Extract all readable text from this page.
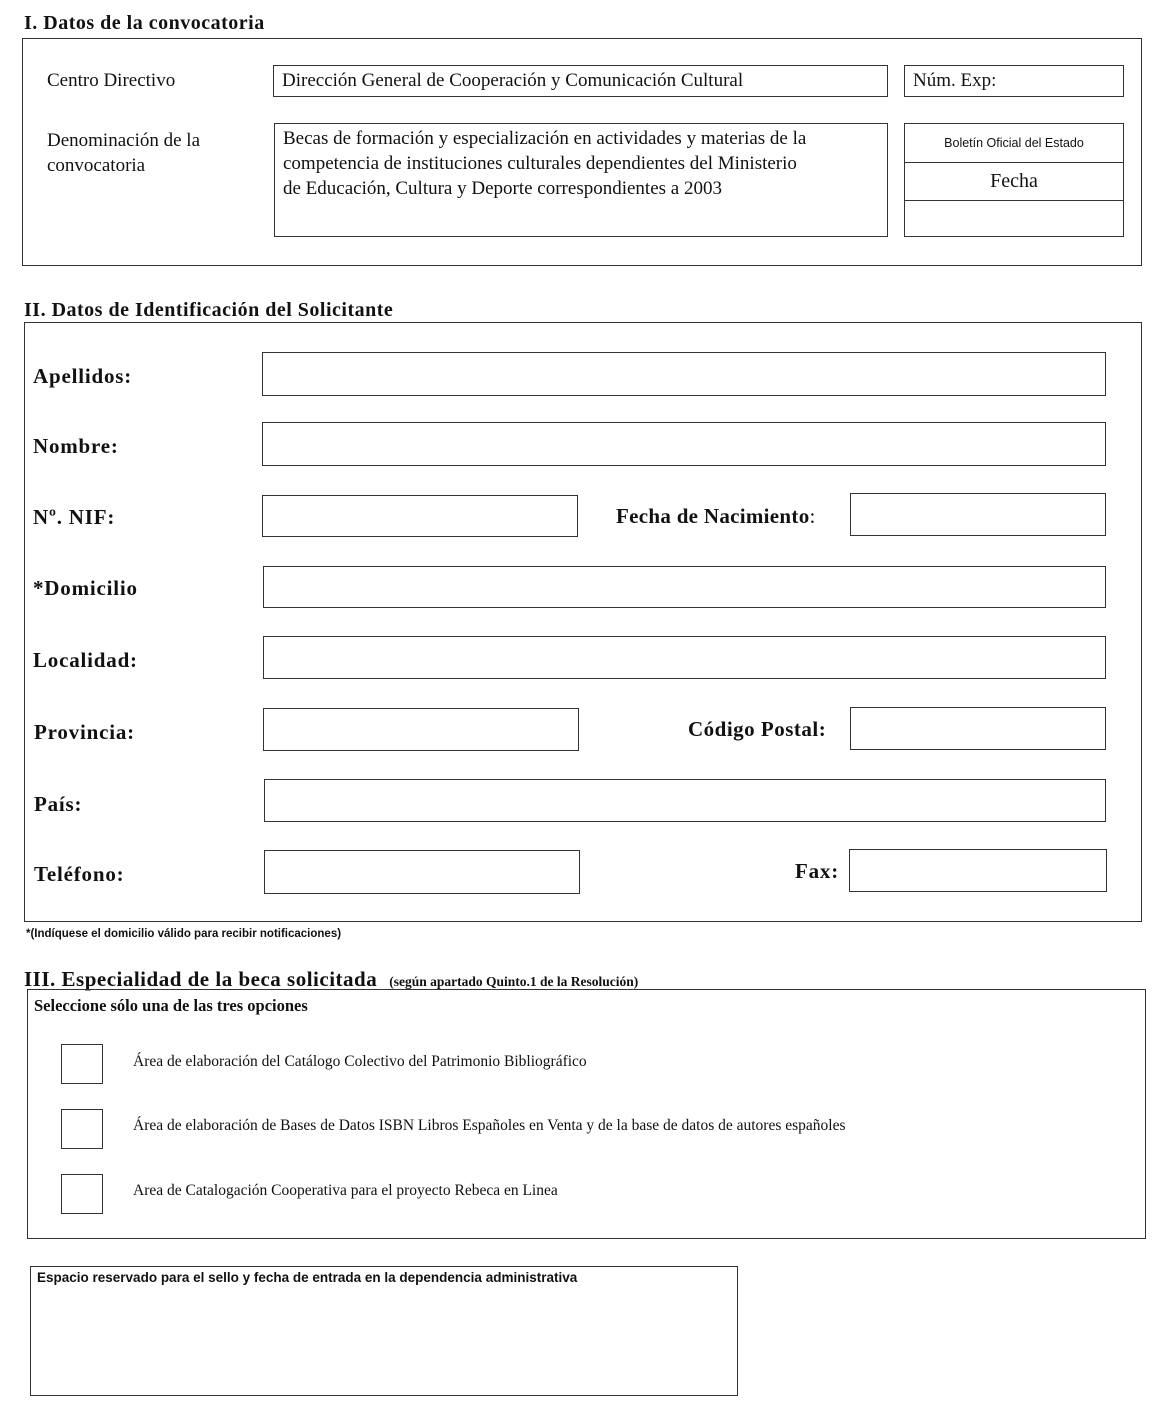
I. Datos de la convocatoria
Centro Directivo	Dirección General de Cooperación y Comunicación Cultural	Núm. Exp:
Denominación de la
convocatoria
Becas de formación y especialización en actividades y materias de la
competencia de instituciones culturales dependientes del Ministerio
de Educación, Cultura y Deporte correspondientes a 2003
Boletín Oficial del Estado
Fecha
II. Datos de Identificación del Solicitante
Apellidos:
Nombre:
Nº. NIF:	Fecha de Nacimiento:
*Domicilio
Localidad:
Provincia:	Código Postal:
País:
Teléfono:	Fax:
*(Indíquese el domicilio válido para recibir notificaciones)
III. Especialidad de la beca solicitada (según apartado Quinto.1 de la Resolución)
Seleccione sólo una de las tres opciones
Área de elaboración del Catálogo Colectivo del Patrimonio Bibliográfico
Área de elaboración de Bases de Datos ISBN Libros Españoles en Venta y de la base de datos de autores españoles
Area de Catalogación Cooperativa para el proyecto Rebeca en Linea
Espacio reservado para el sello y fecha de entrada en la dependencia administrativa
